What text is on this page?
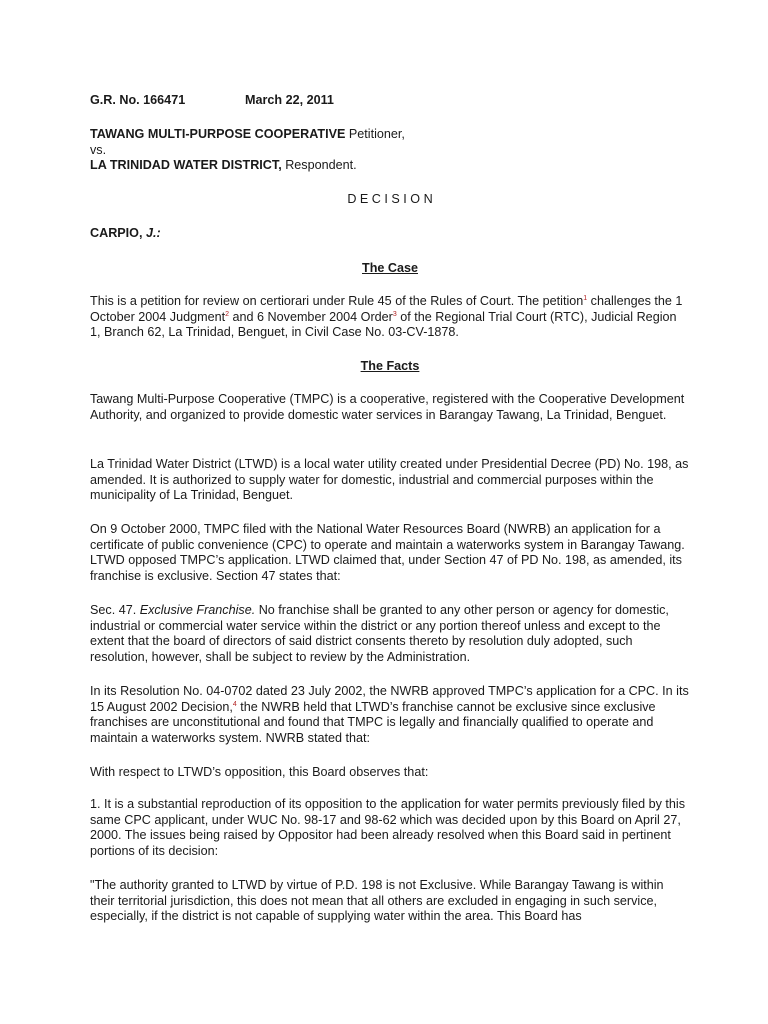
G.R. No. 166471	March 22, 2011
TAWANG MULTI-PURPOSE COOPERATIVE Petitioner,
vs.
LA TRINIDAD WATER DISTRICT, Respondent.
D E C I S I O N
CARPIO, J.:
The Case
This is a petition for review on certiorari under Rule 45 of the Rules of Court. The petition$^1$ challenges the 1 October 2004 Judgment$^2$ and 6 November 2004 Order$^3$ of the Regional Trial Court (RTC), Judicial Region 1, Branch 62, La Trinidad, Benguet, in Civil Case No. 03-CV-1878.
The Facts
Tawang Multi-Purpose Cooperative (TMPC) is a cooperative, registered with the Cooperative Development Authority, and organized to provide domestic water services in Barangay Tawang, La Trinidad, Benguet.
La Trinidad Water District (LTWD) is a local water utility created under Presidential Decree (PD) No. 198, as amended. It is authorized to supply water for domestic, industrial and commercial purposes within the municipality of La Trinidad, Benguet.
On 9 October 2000, TMPC filed with the National Water Resources Board (NWRB) an application for a certificate of public convenience (CPC) to operate and maintain a waterworks system in Barangay Tawang. LTWD opposed TMPC’s application. LTWD claimed that, under Section 47 of PD No. 198, as amended, its franchise is exclusive. Section 47 states that:
Sec. 47. Exclusive Franchise. No franchise shall be granted to any other person or agency for domestic, industrial or commercial water service within the district or any portion thereof unless and except to the extent that the board of directors of said district consents thereto by resolution duly adopted, such resolution, however, shall be subject to review by the Administration.
In its Resolution No. 04-0702 dated 23 July 2002, the NWRB approved TMPC’s application for a CPC. In its 15 August 2002 Decision,$^4$ the NWRB held that LTWD’s franchise cannot be exclusive since exclusive franchises are unconstitutional and found that TMPC is legally and financially qualified to operate and maintain a waterworks system. NWRB stated that:
With respect to LTWD’s opposition, this Board observes that:
1. It is a substantial reproduction of its opposition to the application for water permits previously filed by this same CPC applicant, under WUC No. 98-17 and 98-62 which was decided upon by this Board on April 27, 2000. The issues being raised by Oppositor had been already resolved when this Board said in pertinent portions of its decision:
"The authority granted to LTWD by virtue of P.D. 198 is not Exclusive. While Barangay Tawang is within their territorial jurisdiction, this does not mean that all others are excluded in engaging in such service, especially, if the district is not capable of supplying water within the area. This Board has
